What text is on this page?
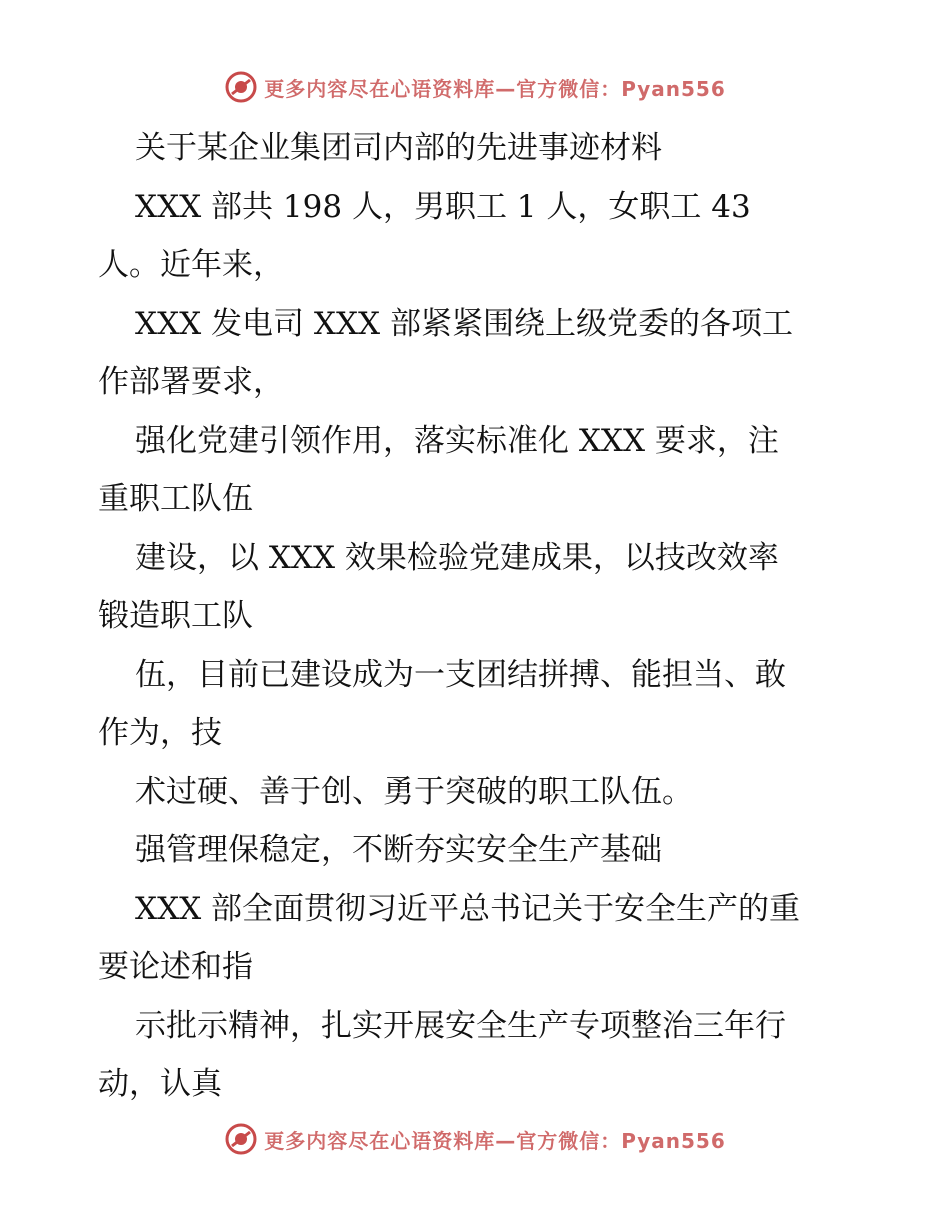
更多内容尽在心语资料库—官方微信：Pyan556
关于某企业集团司内部的先进事迹材料
XXX 部共 198 人，男职工 1 人，女职工 43
人。近年来，
XXX 发电司 XXX 部紧紧围绕上级党委的各项工
作部署要求，
强化党建引领作用，落实标准化 XXX 要求，注
重职工队伍
建设，以 XXX 效果检验党建成果，以技改效率
锻造职工队
伍，目前已建设成为一支团结拼搏、能担当、敢
作为，技
术过硬、善于创、勇于突破的职工队伍。
强管理保稳定，不断夯实安全生产基础
XXX 部全面贯彻习近平总书记关于安全生产的重
要论述和指
示批示精神，扎实开展安全生产专项整治三年行
动，认真
更多内容尽在心语资料库—官方微信：Pyan556
